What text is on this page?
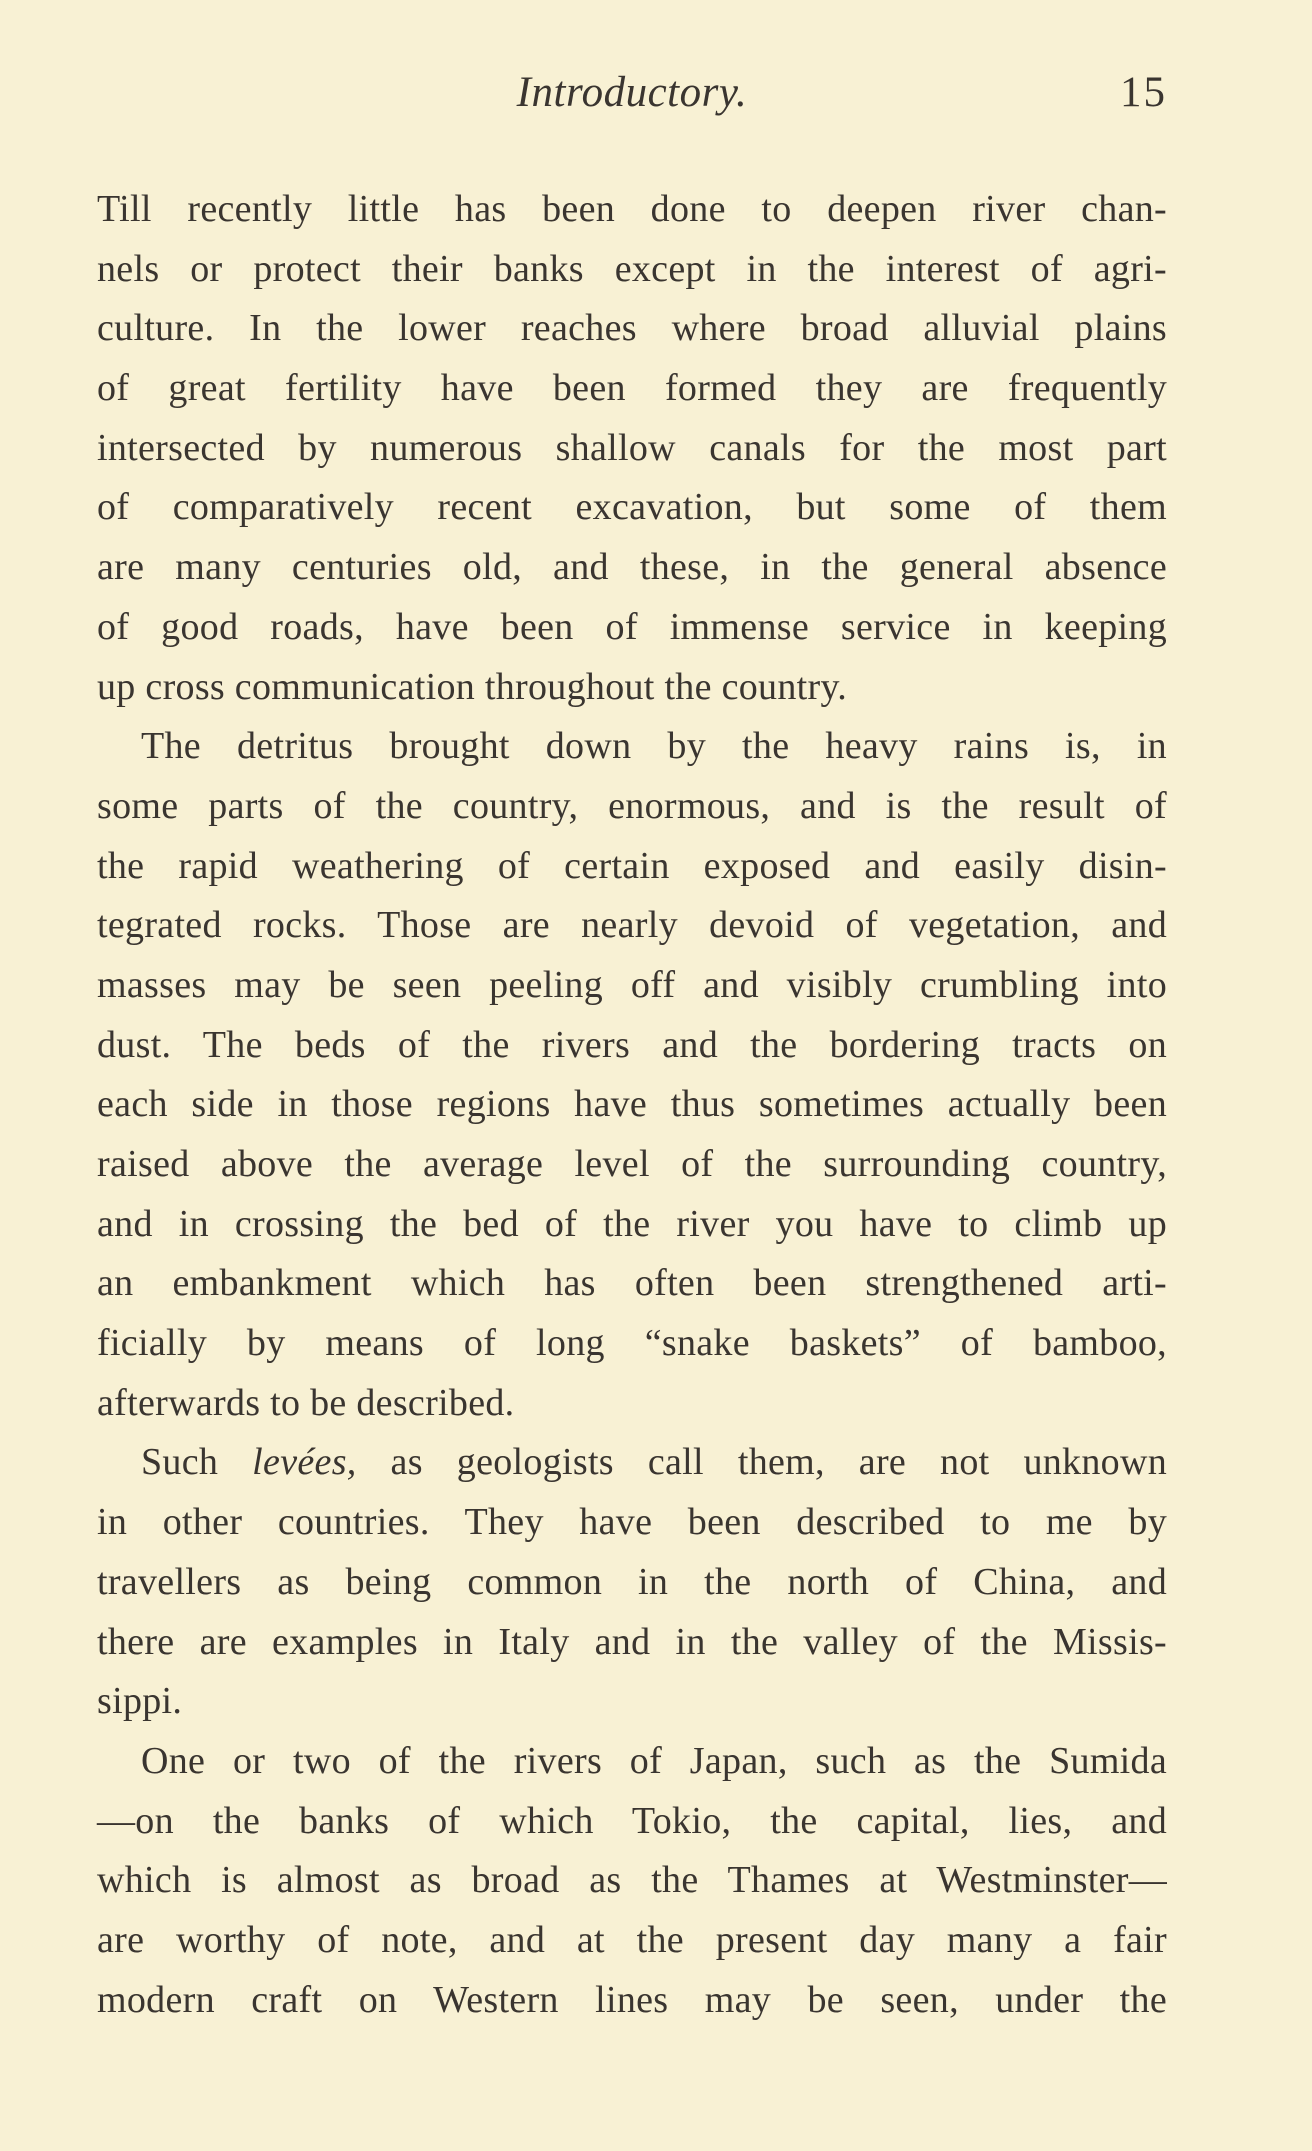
Introductory.	15
Till recently little has been done to deepen river chan-
nels or protect their banks except in the interest of agri-
culture. In the lower reaches where broad alluvial plains
of great fertility have been formed they are frequently
intersected by numerous shallow canals for the most part
of comparatively recent excavation, but some of them
are many centuries old, and these, in the general absence
of good roads, have been of immense service in keeping
up cross communication throughout the country.
The detritus brought down by the heavy rains is, in
some parts of the country, enormous, and is the result of
the rapid weathering of certain exposed and easily disin-
tegrated rocks. Those are nearly devoid of vegetation, and
masses may be seen peeling off and visibly crumbling into
dust. The beds of the rivers and the bordering tracts on
each side in those regions have thus sometimes actually been
raised above the average level of the surrounding country,
and in crossing the bed of the river you have to climb up
an embankment which has often been strengthened arti-
ficially by means of long “snake baskets” of bamboo,
afterwards to be described.
Such levées, as geologists call them, are not unknown
in other countries. They have been described to me by
travellers as being common in the north of China, and
there are examples in Italy and in the valley of the Missis-
sippi.
One or two of the rivers of Japan, such as the Sumida
—on the banks of which Tokio, the capital, lies, and
which is almost as broad as the Thames at Westminster—
are worthy of note, and at the present day many a fair
modern craft on Western lines may be seen, under the
